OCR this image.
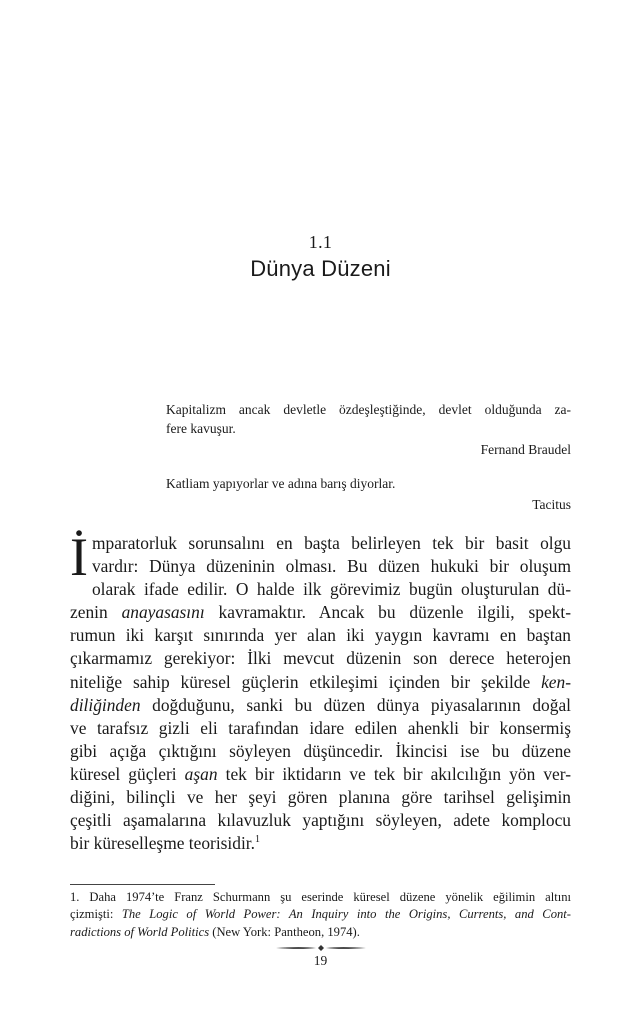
1.1
Dünya Düzeni

Kapitalizm ancak devletle özdeşleştiğinde, devlet olduğunda za-
fere kavuşur.

Fernand Braudel

Katliam yapıyorlar ve adına barış diyorlar.

Tacitus

İ mparatorluk sorunsalını en başta belirleyen tek bir basit olgu
vardır: Dünya düzeninin olması. Bu düzen hukuki bir oluşum
olarak ifade edilir. O halde ilk görevimiz bugün oluşturulan dü-
zenin anayasasını kavramaktır. Ancak bu düzenle ilgili, spekt-
rumun iki karşıt sınırında yer alan iki yaygın kavramı en baştan
çıkarmamız gerekiyor: İlki mevcut düzenin son derece heterojen
niteliğe sahip küresel güçlerin etkileşimi içinden bir şekilde ken-
diliğinden doğduğunu, sanki bu düzen dünya piyasalarının doğal
ve tarafsız gizli eli tarafından idare edilen ahenkli bir konsermiş
gibi açığa çıktığını söyleyen düşüncedir. İkincisi ise bu düzene
küresel güçleri aşan tek bir iktidarın ve tek bir akılcılığın yön ver-
diğini, bilinçli ve her şeyi gören planına göre tarihsel gelişimin
çeşitli aşamalarına kılavuzluk yaptığını söyleyen, adete komplocu
bir küreselleşme teorisidir.$^1$
1. Daha 1974’te Franz Schurmann şu eserinde küresel düzene yönelik eğilimin altını
çizmişti: The Logic of World Power: An Inquiry into the Origins, Currents, and Cont-
radictions of World Politics (New York: Pantheon, 1974).
19
